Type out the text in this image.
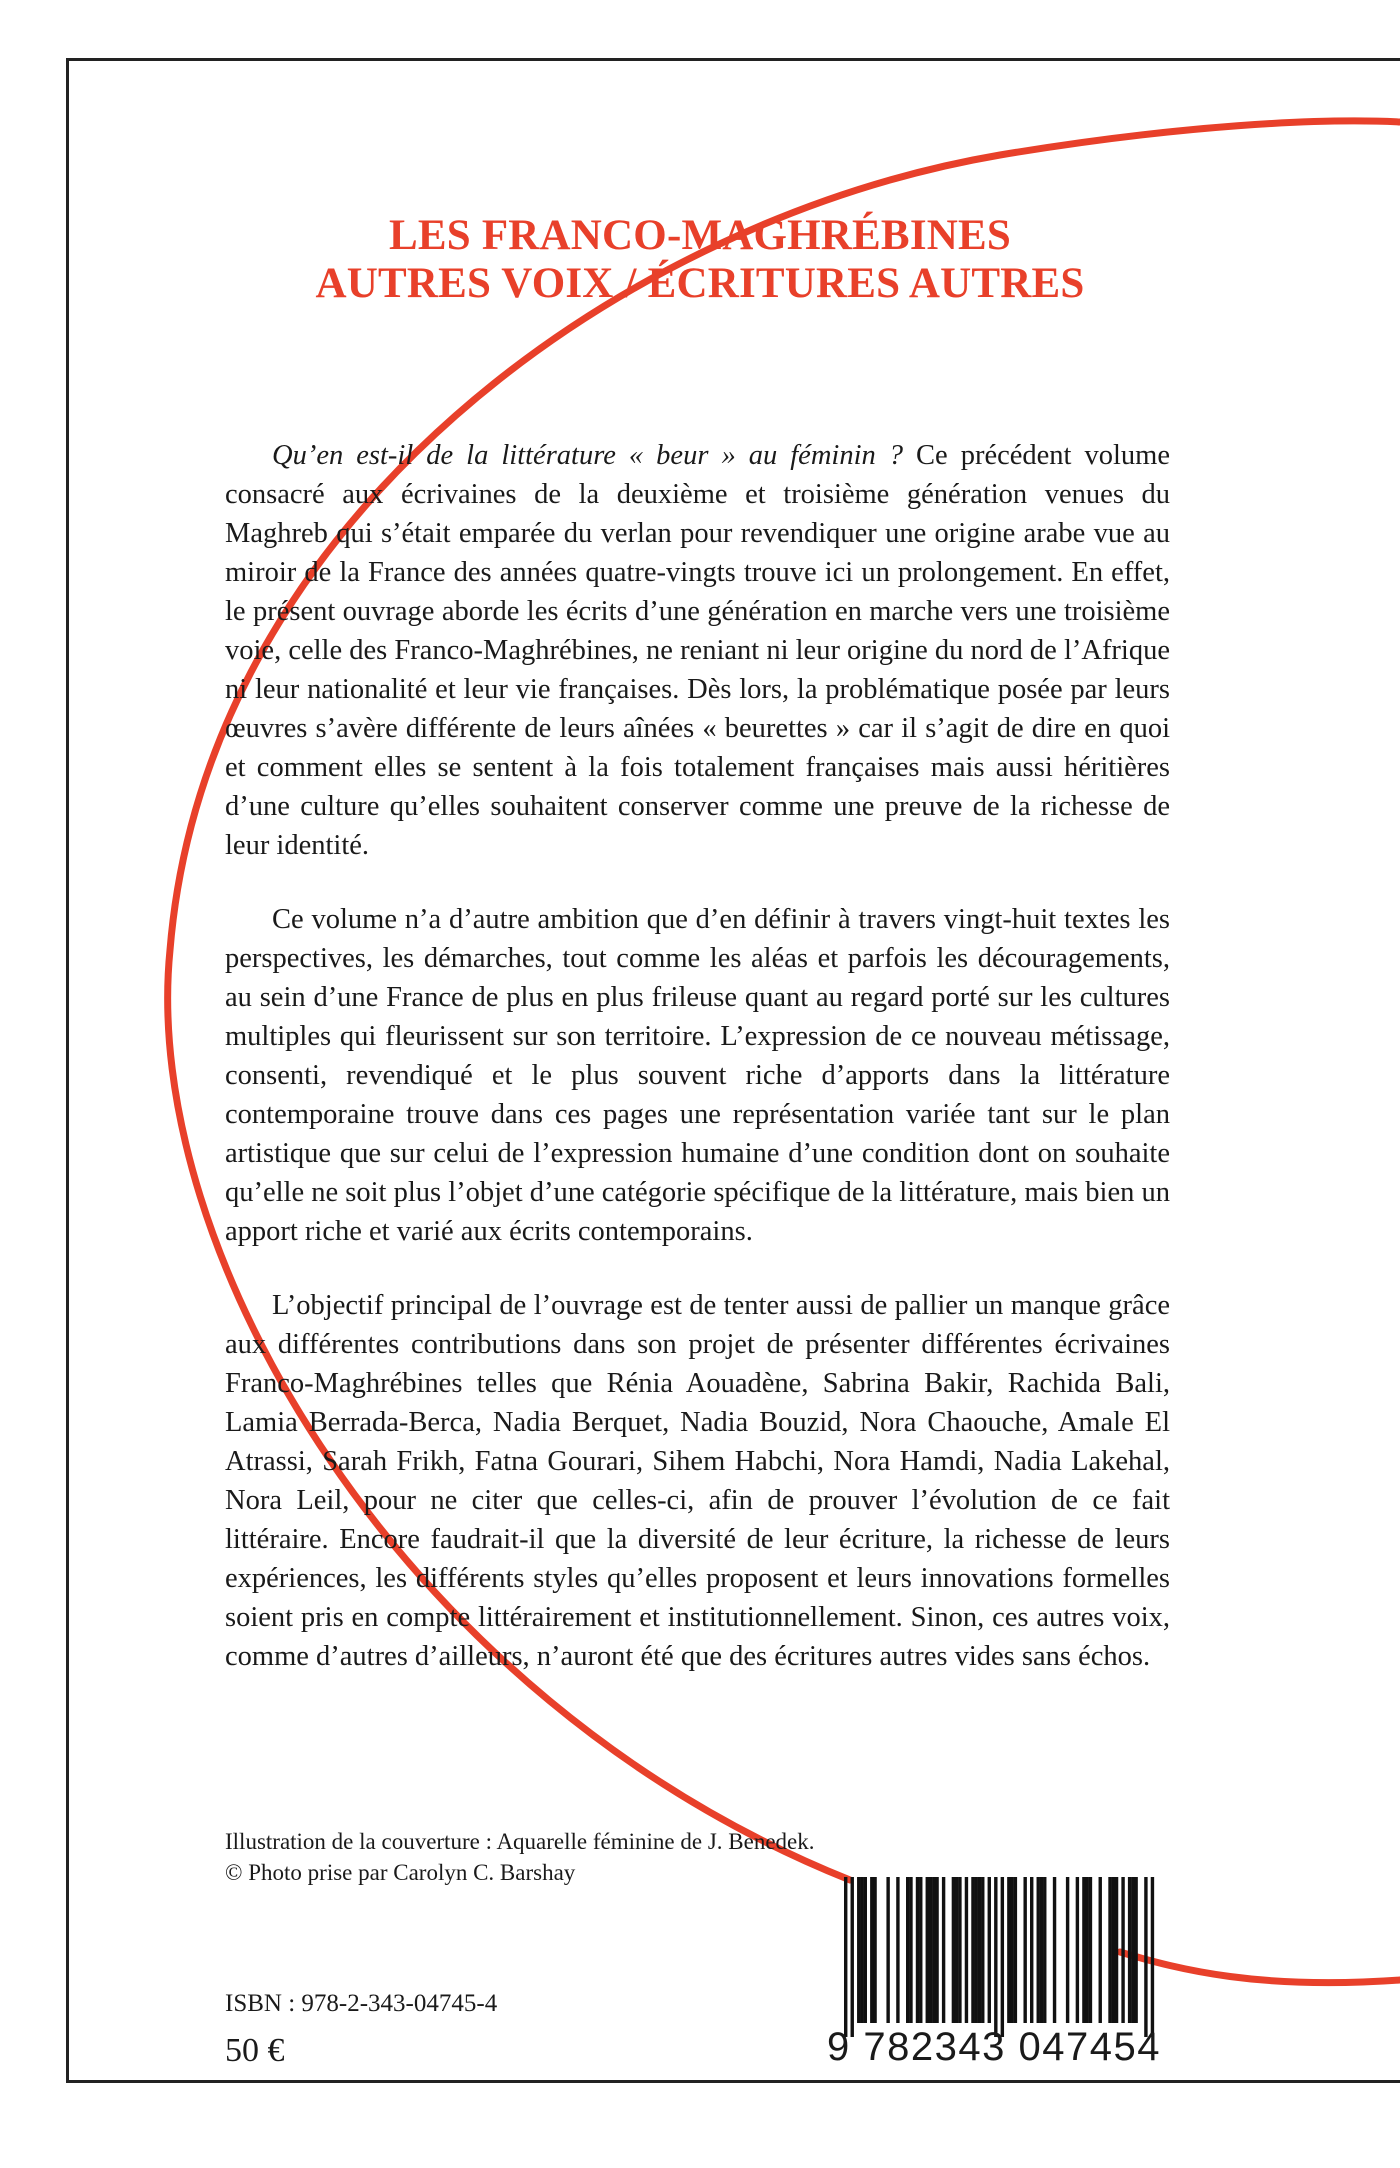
LES FRANCO-MAGHRÉBINES
AUTRES VOIX / ÉCRITURES AUTRES

Qu’en est-il de la littérature « beur » au féminin ? Ce précédent volume consacré aux écrivaines de la deuxième et troisième génération venues du Maghreb qui s’était emparée du verlan pour revendiquer une origine arabe vue au miroir de la France des années quatre-vingts trouve ici un prolongement. En effet, le présent ouvrage aborde les écrits d’une génération en marche vers une troisième voie, celle des Franco-Maghrébines, ne reniant ni leur origine du nord de l’Afrique ni leur nationalité et leur vie françaises. Dès lors, la problématique posée par leurs œuvres s’avère différente de leurs aînées « beurettes » car il s’agit de dire en quoi et comment elles se sentent à la fois totalement françaises mais aussi héritières d’une culture qu’elles souhaitent conserver comme une preuve de la richesse de leur identité.

Ce volume n’a d’autre ambition que d’en définir à travers vingt-huit textes les perspectives, les démarches, tout comme les aléas et parfois les découragements, au sein d’une France de plus en plus frileuse quant au regard porté sur les cultures multiples qui fleurissent sur son territoire. L’expression de ce nouveau métissage, consenti, revendiqué et le plus souvent riche d’apports dans la littérature contemporaine trouve dans ces pages une représentation variée tant sur le plan artistique que sur celui de l’expression humaine d’une condition dont on souhaite qu’elle ne soit plus l’objet d’une catégorie spécifique de la littérature, mais bien un apport riche et varié aux écrits contemporains.

L’objectif principal de l’ouvrage est de tenter aussi de pallier un manque grâce aux différentes contributions dans son projet de présenter différentes écrivaines Franco-Maghrébines telles que Rénia Aouadène, Sabrina Bakir, Rachida Bali, Lamia Berrada-Berca, Nadia Berquet, Nadia Bouzid, Nora Chaouche, Amale El Atrassi, Sarah Frikh, Fatna Gourari, Sihem Habchi, Nora Hamdi, Nadia Lakehal, Nora Leil, pour ne citer que celles-ci, afin de prouver l’évolution de ce fait littéraire. Encore faudrait-il que la diversité de leur écriture, la richesse de leurs expériences, les différents styles qu’elles proposent et leurs innovations formelles soient pris en compte littérairement et institutionnellement. Sinon, ces autres voix, comme d’autres d’ailleurs, n’auront été que des écritures autres vides sans échos.

Illustration de la couverture : Aquarelle féminine de J. Benedek.
© Photo prise par Carolyn C. Barshay
ISBN : 978-2-343-04745-4
50 €	9 782343 047454
